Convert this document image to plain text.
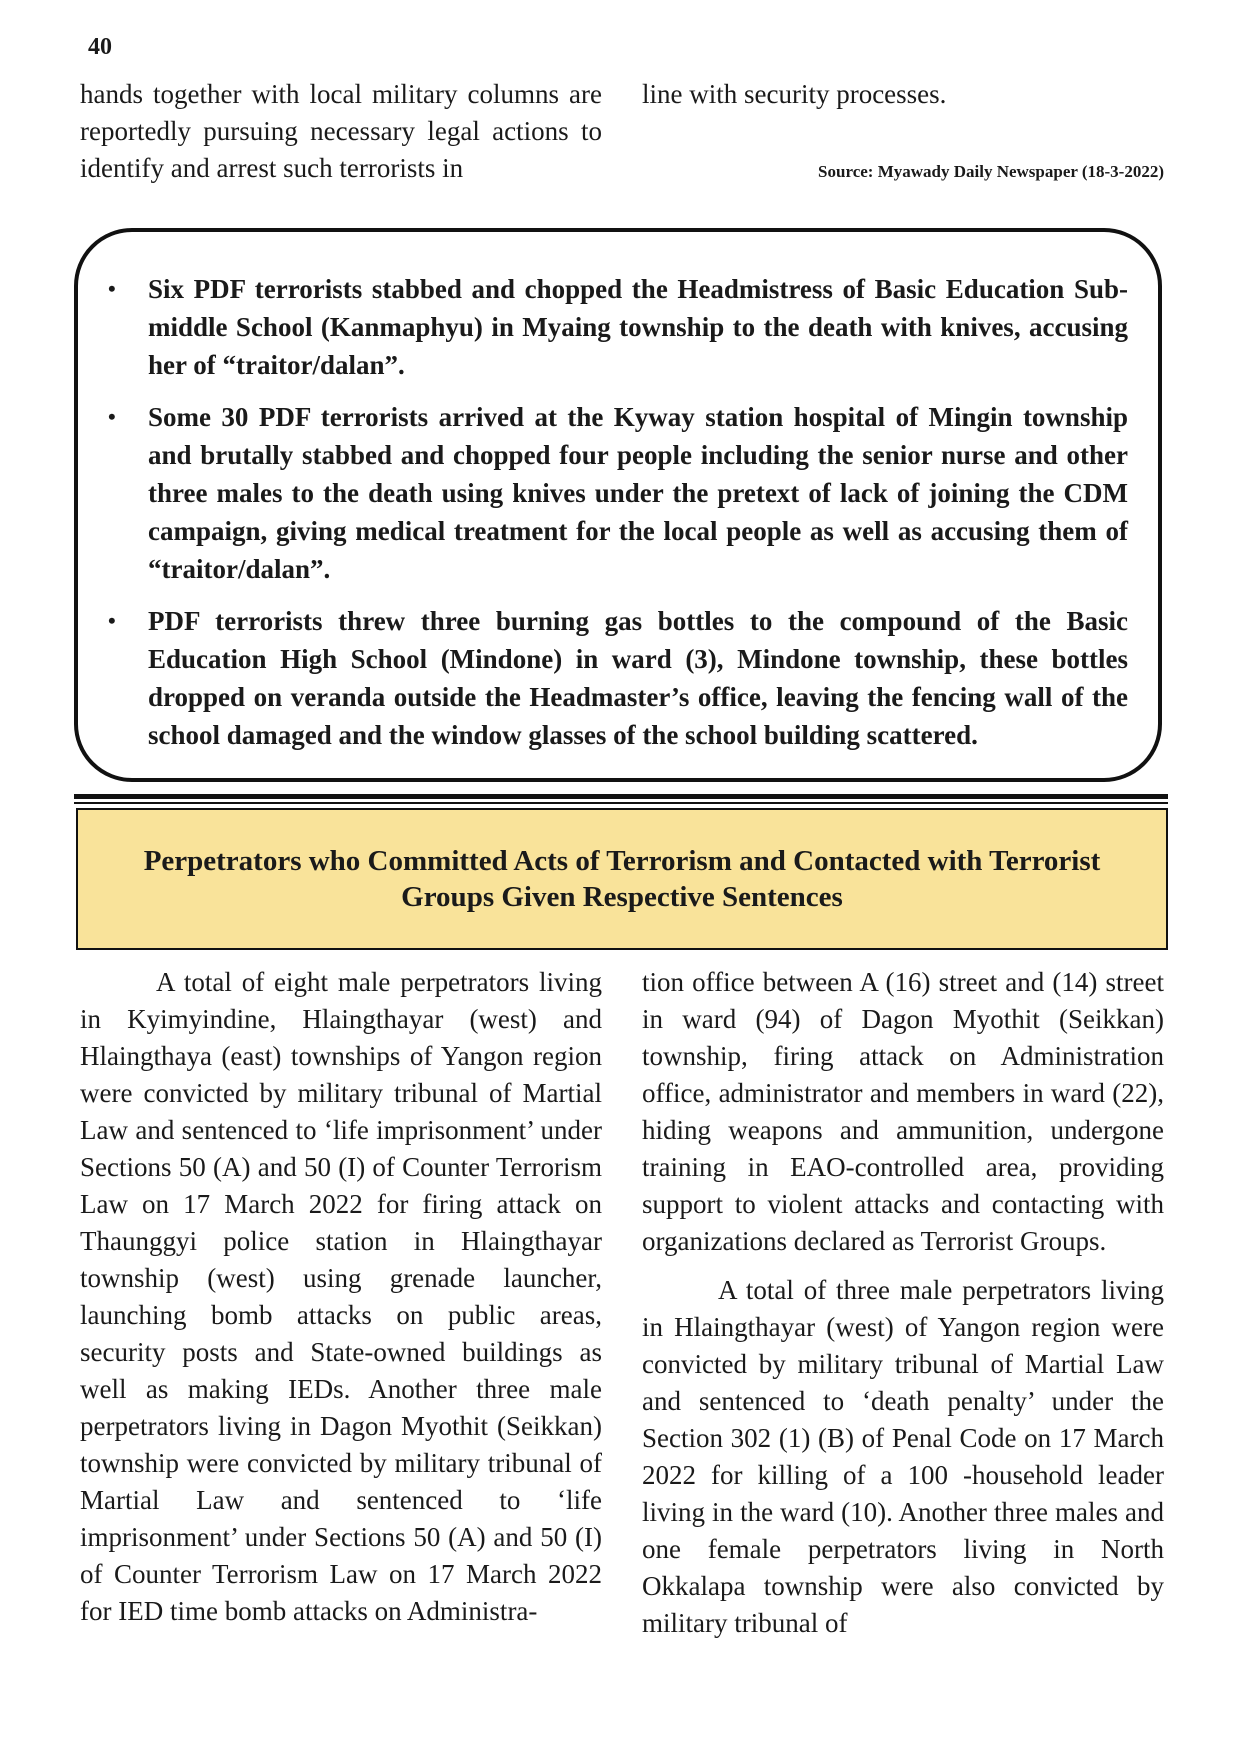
40

hands together with local military columns are reportedly pursuing necessary legal actions to identify and arrest such terrorists in

line with security processes.

Source: Myawady Daily Newspaper (18-3-2022)
• Six PDF terrorists stabbed and chopped the Headmistress of Basic Education Sub-middle School (Kanmaphyu) in Myaing township to the death with knives, accusing her of “traitor/dalan”.
• Some 30 PDF terrorists arrived at the Kyway station hospital of Mingin township and brutally stabbed and chopped four people including the senior nurse and other three males to the death using knives under the pretext of lack of joining the CDM campaign, giving medical treatment for the local people as well as accusing them of “traitor/dalan”.
• PDF terrorists threw three burning gas bottles to the compound of the Basic Education High School (Mindone) in ward (3), Mindone township, these bottles dropped on veranda outside the Headmaster’s office, leaving the fencing wall of the school damaged and the window glasses of the school building scattered.
Perpetrators who Committed Acts of Terrorism and Contacted with Terrorist Groups Given Respective Sentences

A total of eight male perpetrators living in Kyimyindine, Hlaingthayar (west) and Hlaingthaya (east) townships of Yangon region were convicted by military tribunal of Martial Law and sentenced to ‘life imprisonment’ under Sections 50 (A) and 50 (I) of Counter Terrorism Law on 17 March 2022 for firing attack on Thaunggyi police station in Hlaingthayar township (west) using grenade launcher, launching bomb attacks on public areas, security posts and State-owned buildings as well as making IEDs. Another three male perpetrators living in Dagon Myothit (Seikkan) township were convicted by military tribunal of Martial Law and sentenced to ‘life imprisonment’ under Sections 50 (A) and 50 (I) of Counter Terrorism Law on 17 March 2022 for IED time bomb attacks on Administra-

tion office between A (16) street and (14) street in ward (94) of Dagon Myothit (Seikkan) township, firing attack on Administration office, administrator and members in ward (22), hiding weapons and ammunition, undergone training in EAO-controlled area, providing support to violent attacks and contacting with organizations declared as Terrorist Groups.

A total of three male perpetrators living in Hlaingthayar (west) of Yangon region were convicted by military tribunal of Martial Law and sentenced to ‘death penalty’ under the Section 302 (1) (B) of Penal Code on 17 March 2022 for killing of a 100 -household leader living in the ward (10). Another three males and one female perpetrators living in North Okkalapa township were also convicted by military tribunal of
